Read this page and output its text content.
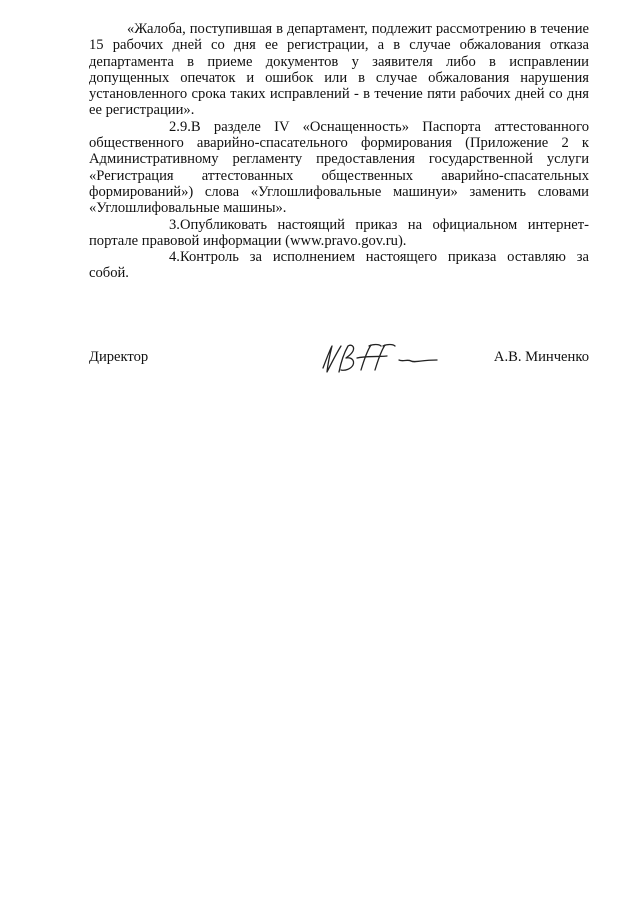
«Жалоба, поступившая в департамент, подлежит рассмотрению в течение 15 рабочих дней со дня ее регистрации, а в случае обжалования отказа департамента в приеме документов у заявителя либо в исправлении допущенных опечаток и ошибок или в случае обжалования нарушения установленного срока таких исправлений - в течение пяти рабочих дней со дня ее регистрации».

2.9.В разделе IV «Оснащенность» Паспорта аттестованного общественного аварийно-спасательного формирования (Приложение 2 к Административному регламенту предоставления государственной услуги «Регистрация аттестованных общественных аварийно-спасательных формирований») слова «Углошлифовальные машинуи» заменить словами «Углошлифовальные машины».

3.Опубликовать настоящий приказ на официальном интернет-портале правовой информации (www.pravo.gov.ru).

4.Контроль за исполнением настоящего приказа оставляю за собой.

Директор	А.В. Минченко
